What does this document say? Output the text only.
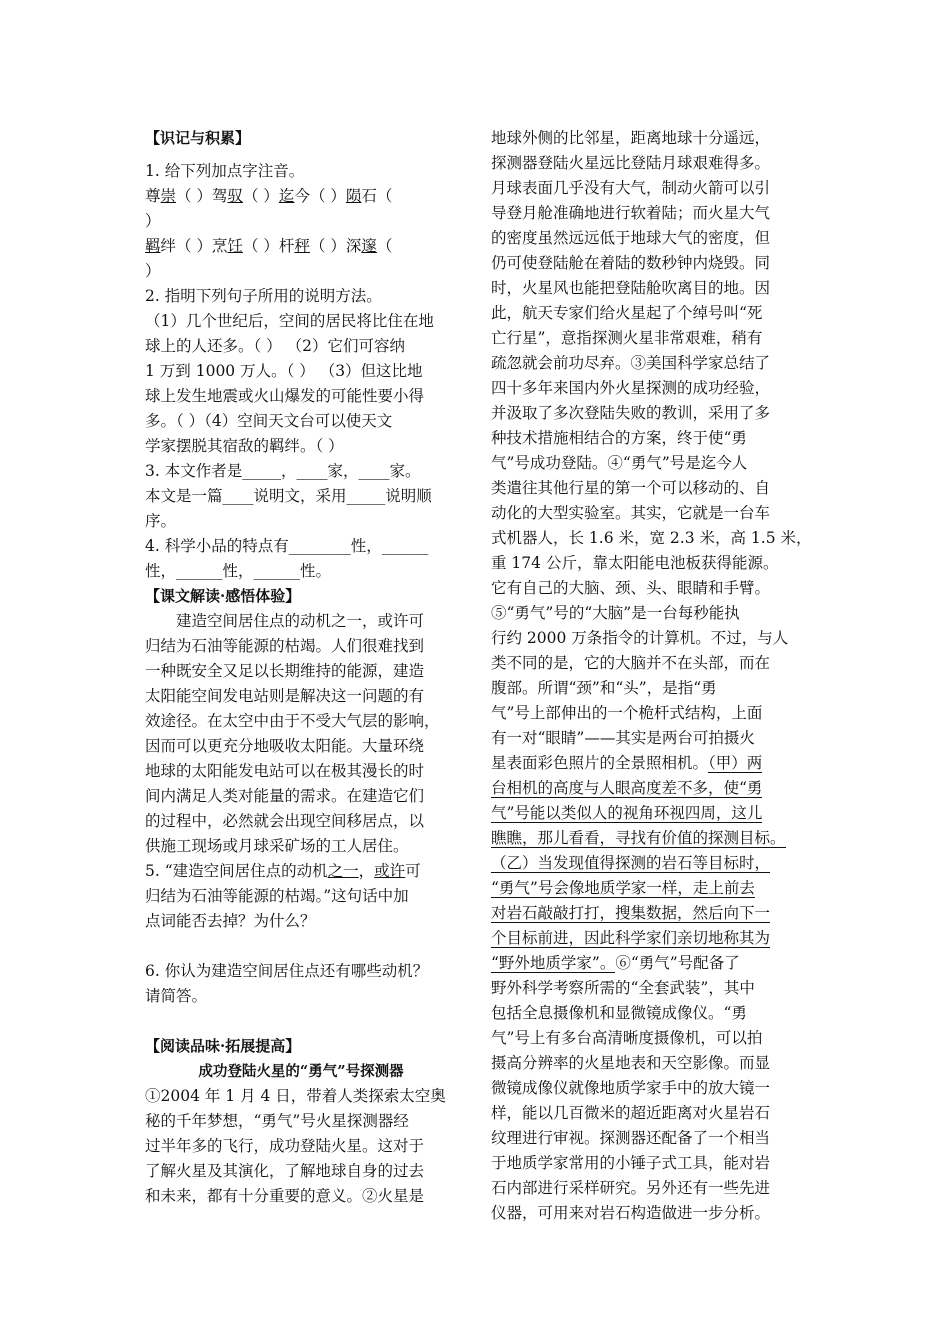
【识记与积累】
1. 给下列加点字注音。
尊崇（ ）驾驭（ ）迄今（ ）陨石（
）
羁绊（ ）烹饪（ ）杆秤（ ）深邃（
）
2. 指明下列句子所用的说明方法。
（1）几个世纪后，空间的居民将比住在地
球上的人还多。（ ） （2）它们可容纳
1 万到 1000 万人。（ ） （3）但这比地
球上发生地震或火山爆发的可能性要小得
多。（ ）（4）空间天文台可以使天文
学家摆脱其宿敌的羁绊。（ ）
3. 本文作者是_____，____家，____家。
本文是一篇____说明文，采用_____说明顺
序。
4. 科学小品的特点有________性，______
性，______性，______性。
【课文解读·感悟体验】
建造空间居住点的动机之一，或许可
归结为石油等能源的枯竭。人们很难找到
一种既安全又足以长期维持的能源，建造
太阳能空间发电站则是解决这一问题的有
效途径。在太空中由于不受大气层的影响，
因而可以更充分地吸收太阳能。大量环绕
地球的太阳能发电站可以在极其漫长的时
间内满足人类对能量的需求。在建造它们
的过程中，必然就会出现空间移居点，以
供施工现场或月球采矿场的工人居住。
5. “建造空间居住点的动机之一，或许可
归结为石油等能源的枯竭。”这句话中加
点词能否去掉？为什么？
6. 你认为建造空间居住点还有哪些动机？
请简答。
【阅读品味·拓展提高】
成功登陆火星的“勇气”号探测器
①2004 年 1 月 4 日，带着人类探索太空奥
秘的千年梦想，“勇气”号火星探测器经
过半年多的飞行，成功登陆火星。这对于
了解火星及其演化，了解地球自身的过去
和未来，都有十分重要的意义。②火星是
地球外侧的比邻星，距离地球十分遥远，
探测器登陆火星远比登陆月球艰难得多。
月球表面几乎没有大气，制动火箭可以引
导登月舱准确地进行软着陆；而火星大气
的密度虽然远远低于地球大气的密度，但
仍可使登陆舱在着陆的数秒钟内烧毁。同
时，火星风也能把登陆舱吹离目的地。因
此，航天专家们给火星起了个绰号叫“死
亡行星”，意指探测火星非常艰难，稍有
疏忽就会前功尽弃。③美国科学家总结了
四十多年来国内外火星探测的成功经验，
并汲取了多次登陆失败的教训，采用了多
种技术措施相结合的方案，终于使“勇
气”号成功登陆。④“勇气”号是迄今人
类遣往其他行星的第一个可以移动的、自
动化的大型实验室。其实，它就是一台车
式机器人，长 1.6 米，宽 2.3 米，高 1.5 米，
重 174 公斤，靠太阳能电池板获得能源。
它有自己的大脑、颈、头、眼睛和手臂。
⑤“勇气”号的“大脑”是一台每秒能执
行约 2000 万条指令的计算机。不过，与人
类不同的是，它的大脑并不在头部，而在
腹部。所谓“颈”和“头”，是指“勇
气”号上部伸出的一个桅杆式结构，上面
有一对“眼睛”——其实是两台可拍摄火
星表面彩色照片的全景照相机。（甲）两
台相机的高度与人眼高度差不多，使“勇
气”号能以类似人的视角环视四周，这儿
瞧瞧，那儿看看，寻找有价值的探测目标。
（乙）当发现值得探测的岩石等目标时，
“勇气”号会像地质学家一样，走上前去
对岩石敲敲打打，搜集数据，然后向下一
个目标前进，因此科学家们亲切地称其为
“野外地质学家”。⑥“勇气”号配备了
野外科学考察所需的“全套武装”，其中
包括全息摄像机和显微镜成像仪。“勇
气”号上有多台高清晰度摄像机，可以拍
摄高分辨率的火星地表和天空影像。而显
微镜成像仪就像地质学家手中的放大镜一
样，能以几百微米的超近距离对火星岩石
纹理进行审视。探测器还配备了一个相当
于地质学家常用的小锤子式工具，能对岩
石内部进行采样研究。另外还有一些先进
仪器，可用来对岩石构造做进一步分析。
